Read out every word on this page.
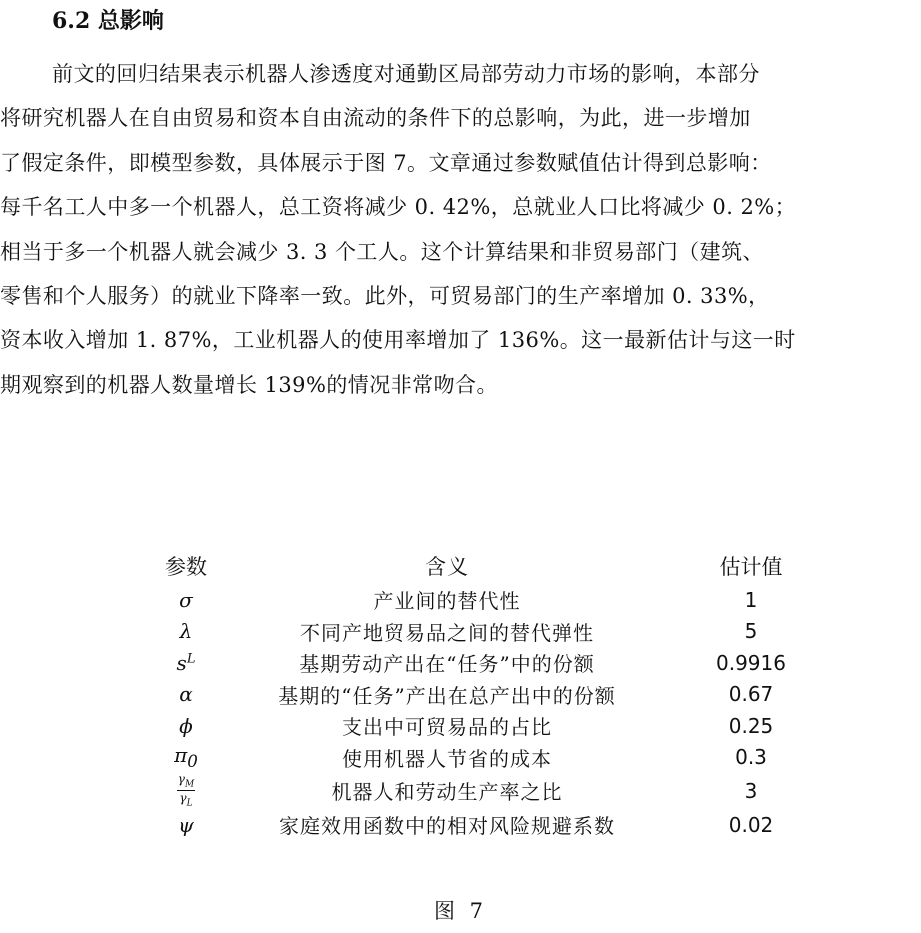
6.2 总影响

前文的回归结果表示机器人渗透度对通勤区局部劳动力市场的影响，本部分
将研究机器人在自由贸易和资本自由流动的条件下的总影响，为此，进一步增加
了假定条件，即模型参数，具体展示于图 7。文章通过参数赋值估计得到总影响：
每千名工人中多一个机器人，总工资将减少 0. 42%，总就业人口比将减少 0. 2%；
相当于多一个机器人就会减少 3. 3 个工人。这个计算结果和非贸易部门（建筑、
零售和个人服务）的就业下降率一致。此外，可贸易部门的生产率增加 0. 33%，
资本收入增加 1. 87%，工业机器人的使用率增加了 136%。这一最新估计与这一时
期观察到的机器人数量增长 139%的情况非常吻合。

参数	含义	估计值
σ	产业间的替代性	1
λ	不同产地贸易品之间的替代弹性	5
$s^L$	基期劳动产出在“任务”中的份额	0.9916
α	基期的“任务”产出在总产出中的份额	0.67
ϕ	支出中可贸易品的占比	0.25
$\pi_0$	使用机器人节省的成本	0.3

$\frac{\gamma_M}{\gamma_L}$	机器人和劳动生产率之比	3
ψ	家庭效用函数中的相对风险规避系数	0.02

图 7
